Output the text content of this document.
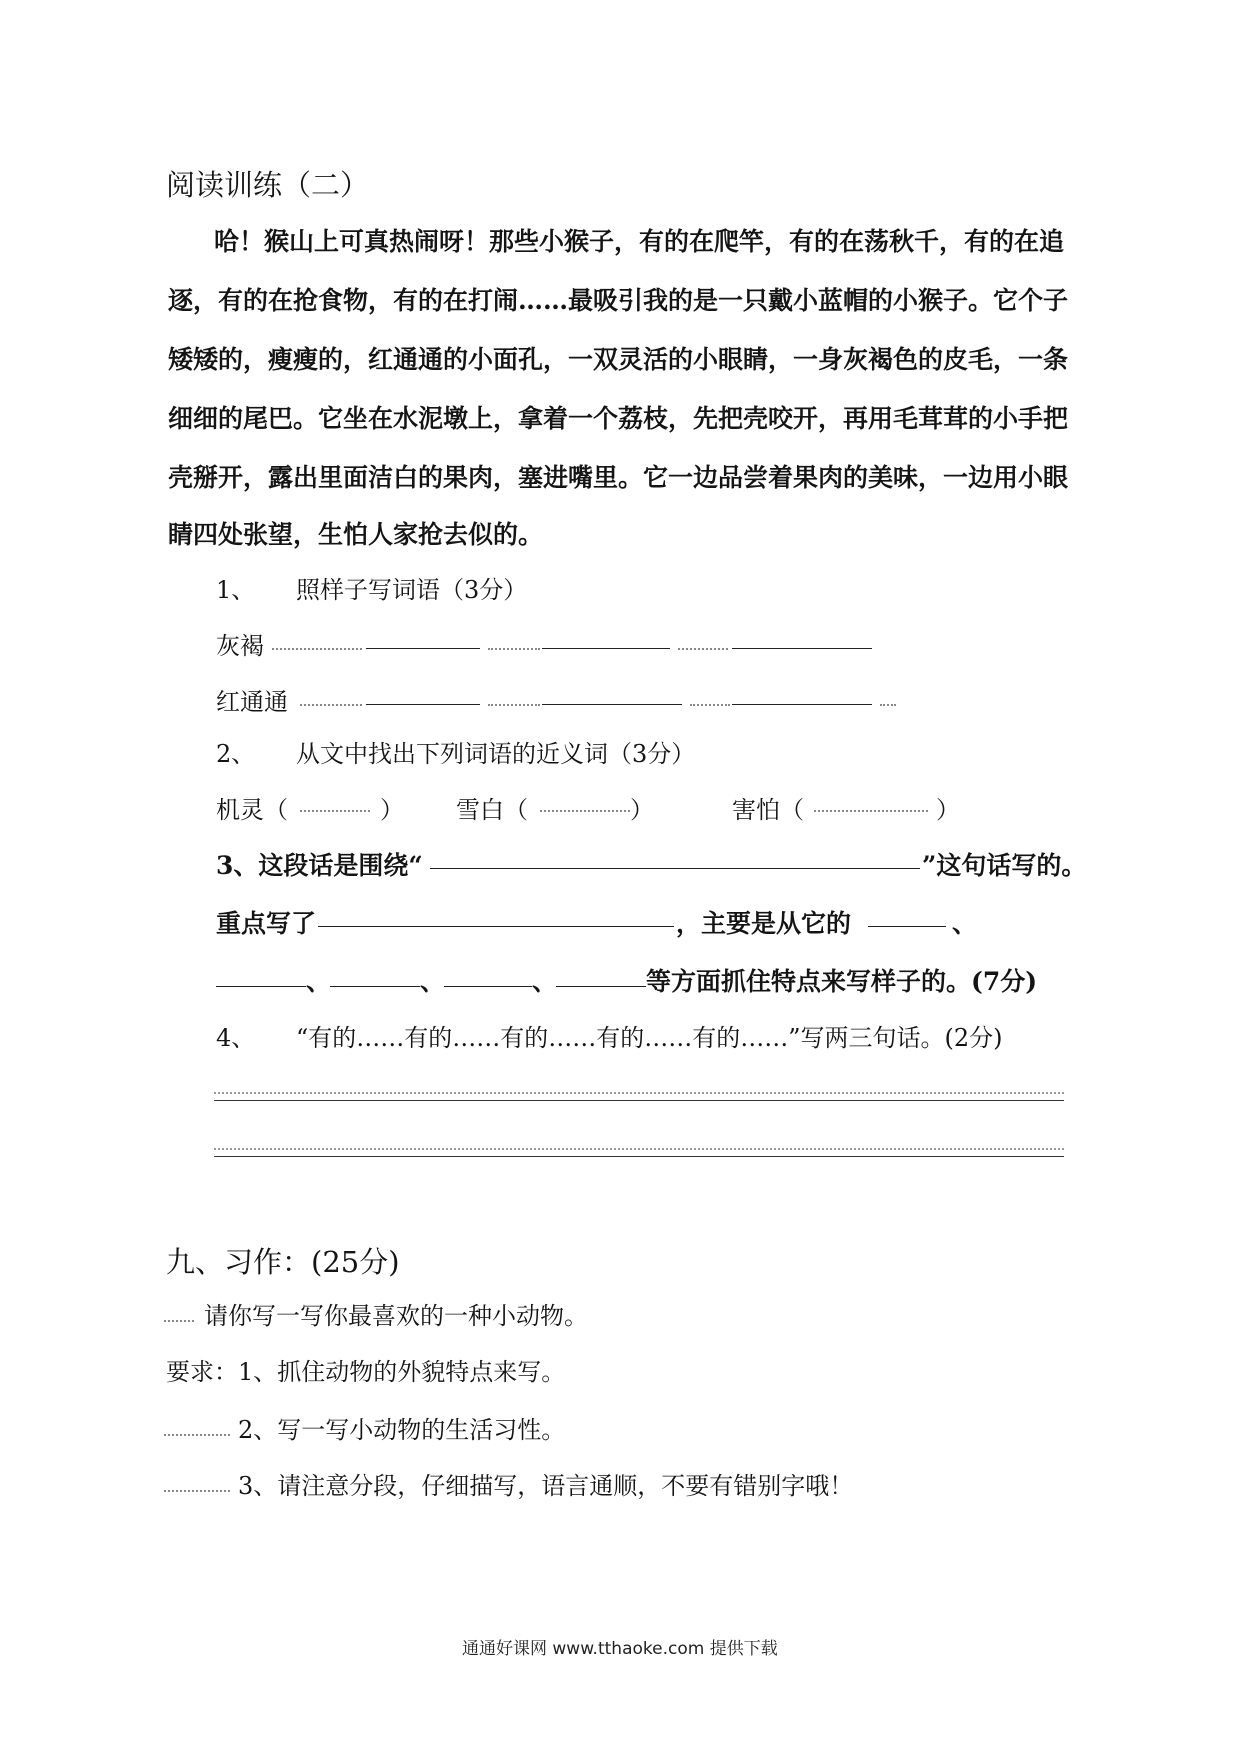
阅读训练（二）
哈！猴山上可真热闹呀！那些小猴子，有的在爬竿，有的在荡秋千，有的在追
逐，有的在抢食物，有的在打闹……最吸引我的是一只戴小蓝帽的小猴子。它个子
矮矮的，瘦瘦的，红通通的小面孔，一双灵活的小眼睛，一身灰褐色的皮毛，一条
细细的尾巴。它坐在水泥墩上，拿着一个荔枝，先把壳咬开，再用毛茸茸的小手把
壳掰开，露出里面洁白的果肉，塞进嘴里。它一边品尝着果肉的美味，一边用小眼
睛四处张望，生怕人家抢去似的。
1、 照样子写词语（3分）
灰褐
红通通
2、 从文中找出下列词语的近义词（3分）
机灵（	） 雪白（	）	害怕（	）
3、这段话是围绕“	”这句话写的。
重点写了	，主要是从它的	、
、	、	、	等方面抓住特点来写样子的。(7分)
4、 “有的……有的……有的……有的……有的……”写两三句话。(2分)
九、习作：(25分)
请你写一写你最喜欢的一种小动物。
要求： 1、抓住动物的外貌特点来写。
2、写一写小动物的生活习性。
3、请注意分段，仔细描写，语言通顺，不要有错别字哦！
通通好课网 www.tthaoke.com 提供下载
